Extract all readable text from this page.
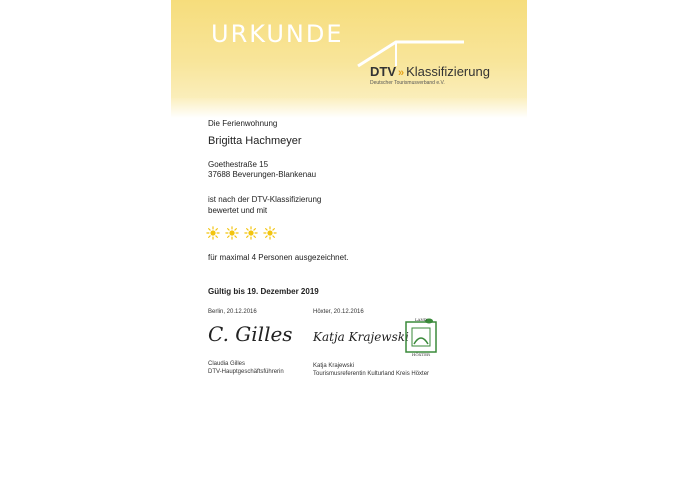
URKUNDE
DTV » Klassifizierung
Deutscher Tourismusverband e.V.
Die Ferienwohnung
Brigitta Hachmeyer
Goethestraße 15
37688 Beverungen-Blankenau
ist nach der DTV-Klassifizierung
bewertet und mit
für maximal 4 Personen ausgezeichnet.
Gültig bis 19. Dezember 2019
Berlin, 20.12.2016
C. Gilles
Claudia Gilles
DTV-Hauptgeschäftsführerin
Höxter, 20.12.2016
Katja Krajewski
Katja Krajewski
Tourismusreferentin Kulturland Kreis Höxter
LAND
HÖXTER
